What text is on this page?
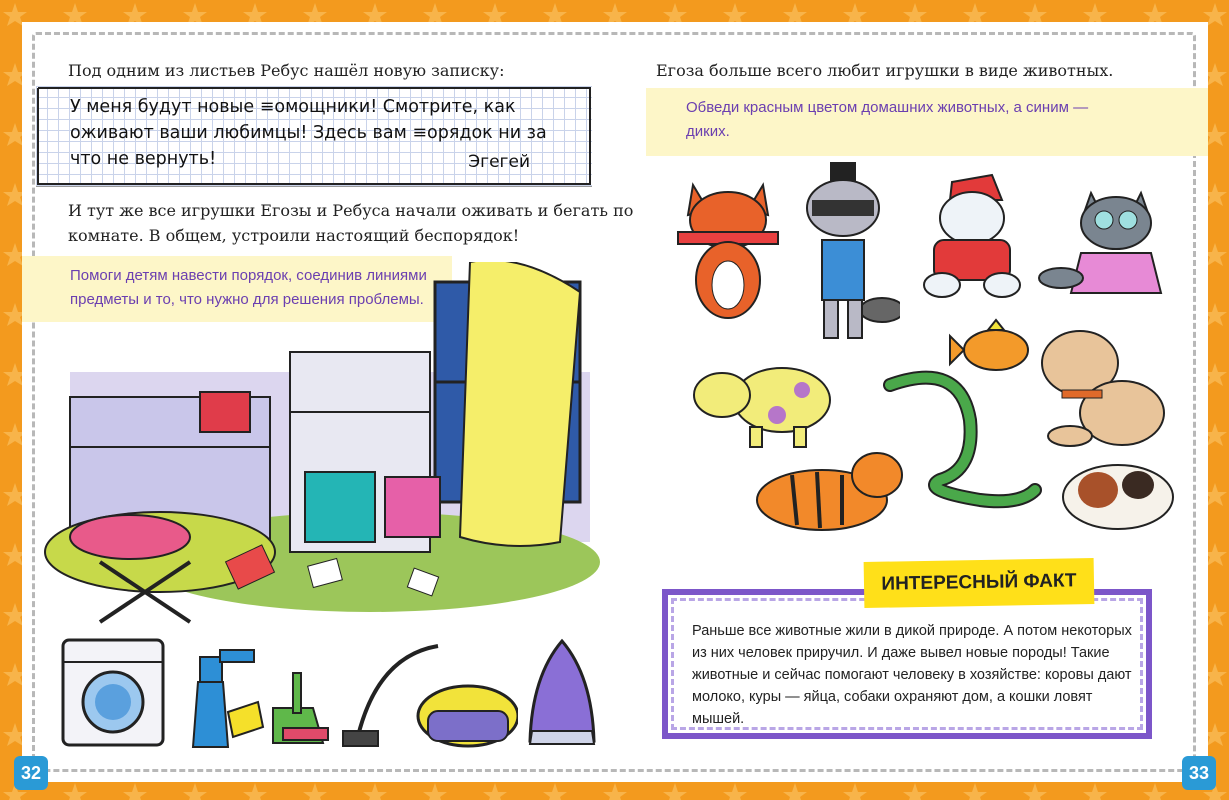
Под одним из листьев Ребус нашёл новую записку:
У меня будут новые ≡омощники! Смотрите, как
оживают ваши любимцы! Здесь вам ≡орядок ни за
что не вернуть!	Эгегей
И тут же все игрушки Егозы и Ребуса начали оживать и бегать по
комнате. В общем, устроили настоящий беспорядок!
Помоги детям навести порядок, соединив линиями
предметы и то, что нужно для решения проблемы.
32
Егоза больше всего любит игрушки в виде животных.
Обведи красным цветом домашних животных, а синим —
диких.
ИНТЕРЕСНЫЙ ФАКТ
Раньше все животные жили в дикой природе. А потом некоторых
из них человек приручил. И даже вывел новые породы! Такие
животные и сейчас помогают человеку в хозяйстве: коровы дают
молоко, куры — яйца, собаки охраняют дом, а кошки ловят
мышей.
33
